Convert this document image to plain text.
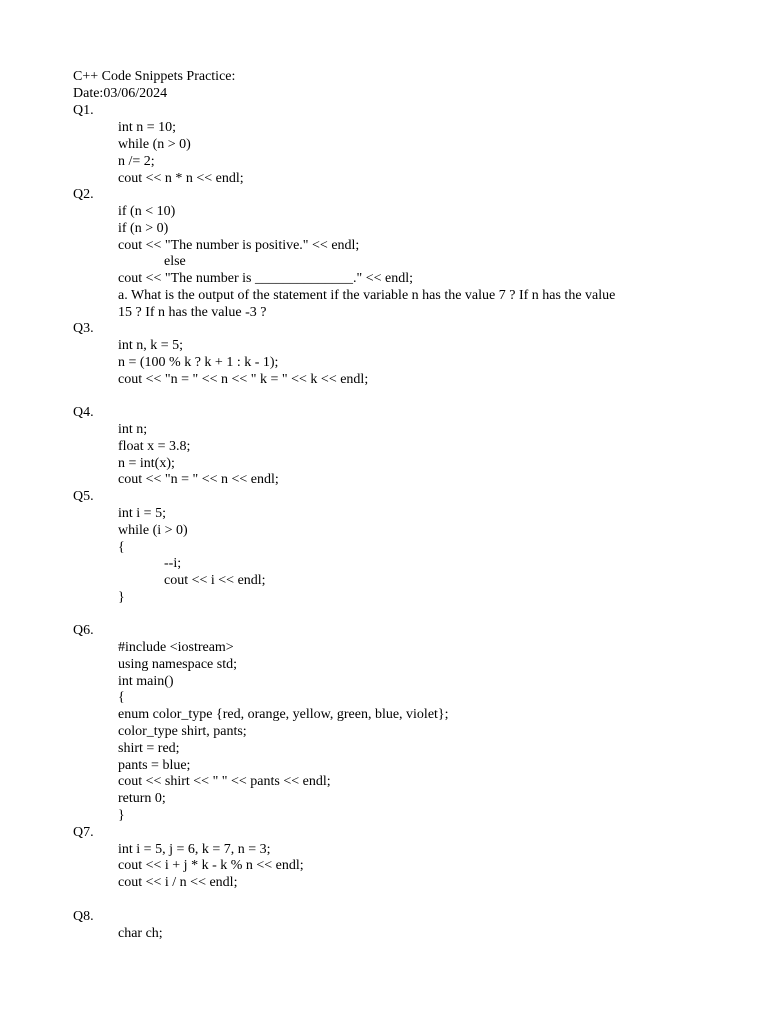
C++ Code Snippets Practice:
Date:03/06/2024
Q1.
int n = 10;
while (n > 0)
n /= 2;
cout << n * n << endl;
Q2.
if (n < 10)
if (n > 0)
cout << "The number is positive." << endl;
else
cout << "The number is ______________." << endl;
a. What is the output of the statement if the variable n has the value 7 ? If n has the value
15 ? If n has the value -3 ?
Q3.
int n, k = 5;
n = (100 % k ? k + 1 : k - 1);
cout << "n = " << n << " k = " << k << endl;
Q4.
int n;
float x = 3.8;
n = int(x);
cout << "n = " << n << endl;
Q5.
int i = 5;
while (i > 0)
{
--i;
cout << i << endl;
}
Q6.
#include <iostream>
using namespace std;
int main()
{
enum color_type {red, orange, yellow, green, blue, violet};
color_type shirt, pants;
shirt = red;
pants = blue;
cout << shirt << " " << pants << endl;
return 0;
}
Q7.
int i = 5, j = 6, k = 7, n = 3;
cout << i + j * k - k % n << endl;
cout << i / n << endl;
Q8.
char ch;
